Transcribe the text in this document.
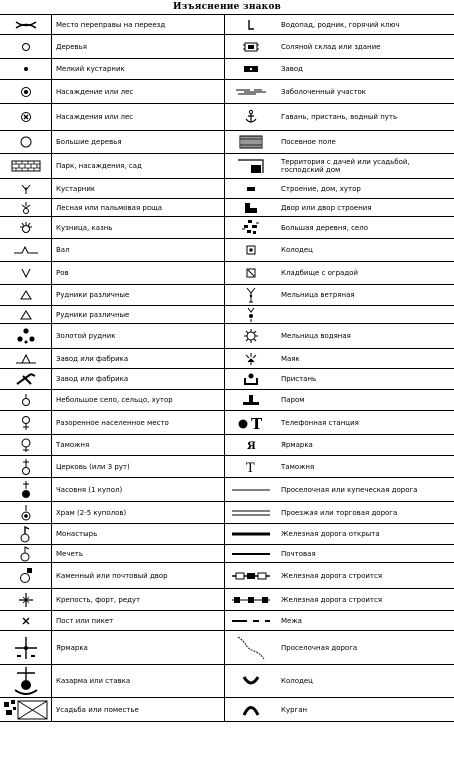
Изъяснение знаков
Место переправы на переезд	Водопад, родник, горячий ключ
Деревья	Соляной склад или здание
Мелкий кустарник	Завод
Насаждение или лес	Заболоченный участок
Насаждения или лес	Гавань, пристань, водный путь
Большие деревья	Посевное поле
Парк, насаждения, сад	Территория с дачей или усадьбой, господский дом
Кустарник	Строение, дом, хутор
Лесная или пальмовая роща	Двор или двор строения
Кузница, казнь	Большая деревня, село
Вал	Колодец
Ров	Кладбище с оградой
Рудники различные	Мельница ветряная
Рудники различные
Золотой рудник	Мельница водяная
Завод или фабрика	Маяк
Завод или фабрика	Пристань
Небольшое село, сельцо, хутор	Паром
Разоренное населенное место	T	Телефонная станция
Таможня	Я	Ярмарка
Церковь (или 3 рут)	T	Таможня
Часовня (1 купол)	Проселочная или купеческая дорога
Храм (2-5 куполов)	Проезжая или торговая дорога
Монастырь	Железная дорога открыта
Мечеть	Почтовая
Каменный или почтовый двор	Железная дорога строится
Крепость, форт, редут	Железная дорога строится
Пост или пикет	Межа
Ярмарка	Проселочная дорога
Казарма или ставка	Колодец
Усадьба или поместье	Курган
